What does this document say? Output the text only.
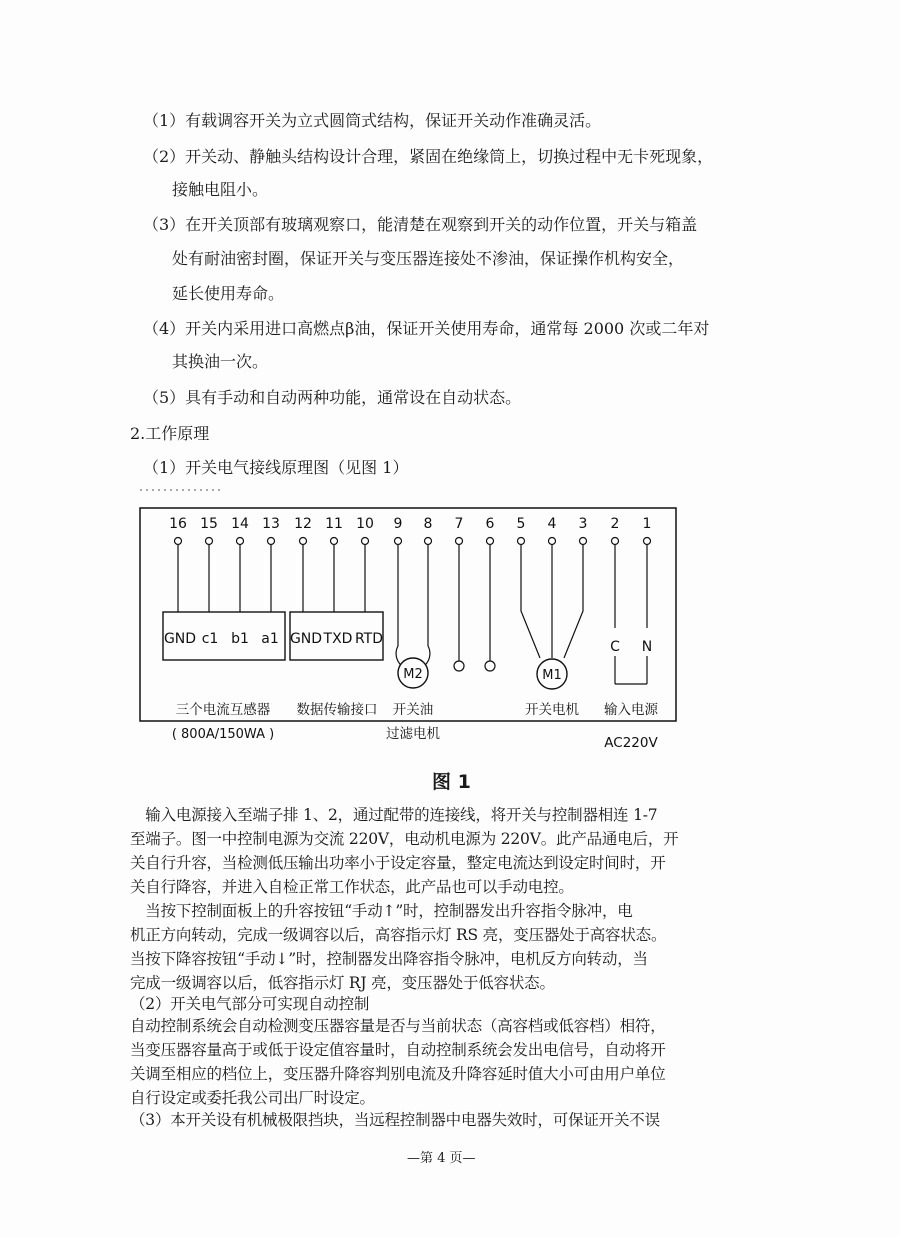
（1）有载调容开关为立式圆筒式结构，保证开关动作准确灵活。
（2）开关动、静触头结构设计合理，紧固在绝缘筒上，切换过程中无卡死现象，
接触电阻小。
（3）在开关顶部有玻璃观察口，能清楚在观察到开关的动作位置，开关与箱盖
处有耐油密封圈，保证开关与变压器连接处不渗油，保证操作机构安全，
延长使用寿命。
（4）开关内采用进口高燃点β油，保证开关使用寿命，通常每 2000 次或二年对
其换油一次。
（5）具有手动和自动两种功能，通常设在自动状态。
2.工作原理
（1）开关电气接线原理图（见图 1）
16 15 14 13 12 11 10 9 8 7 6 5 4 3 2 1
GND c1 b1 a1 GND TXD RTD
M2	M1
C N
三个电流互感器
( 800A/150WA )
数据传输接口 开关油
过滤电机
开关电机 输入电源
AC220V
图 1
　输入电源接入至端子排 1、2，通过配带的连接线，将开关与控制器相连 1-7
至端子。图一中控制电源为交流 220V，电动机电源为 220V。此产品通电后，开
关自行升容，当检测低压输出功率小于设定容量，整定电流达到设定时间时，开
关自行降容，并进入自检正常工作状态，此产品也可以手动电控。
　当按下控制面板上的升容按钮“手动↑”时，控制器发出升容指令脉冲，电
机正方向转动，完成一级调容以后，高容指示灯 RS 亮，变压器处于高容状态。
当按下降容按钮“手动↓”时，控制器发出降容指令脉冲，电机反方向转动，当
完成一级调容以后，低容指示灯 RJ 亮，变压器处于低容状态。
（2）开关电气部分可实现自动控制
自动控制系统会自动检测变压器容量是否与当前状态（高容档或低容档）相符，
当变压器容量高于或低于设定值容量时，自动控制系统会发出电信号，自动将开
关调至相应的档位上，变压器升降容判别电流及升降容延时值大小可由用户单位
自行设定或委托我公司出厂时设定。
（3）本开关设有机械极限挡块，当远程控制器中电器失效时，可保证开关不误
—第 4 页—
